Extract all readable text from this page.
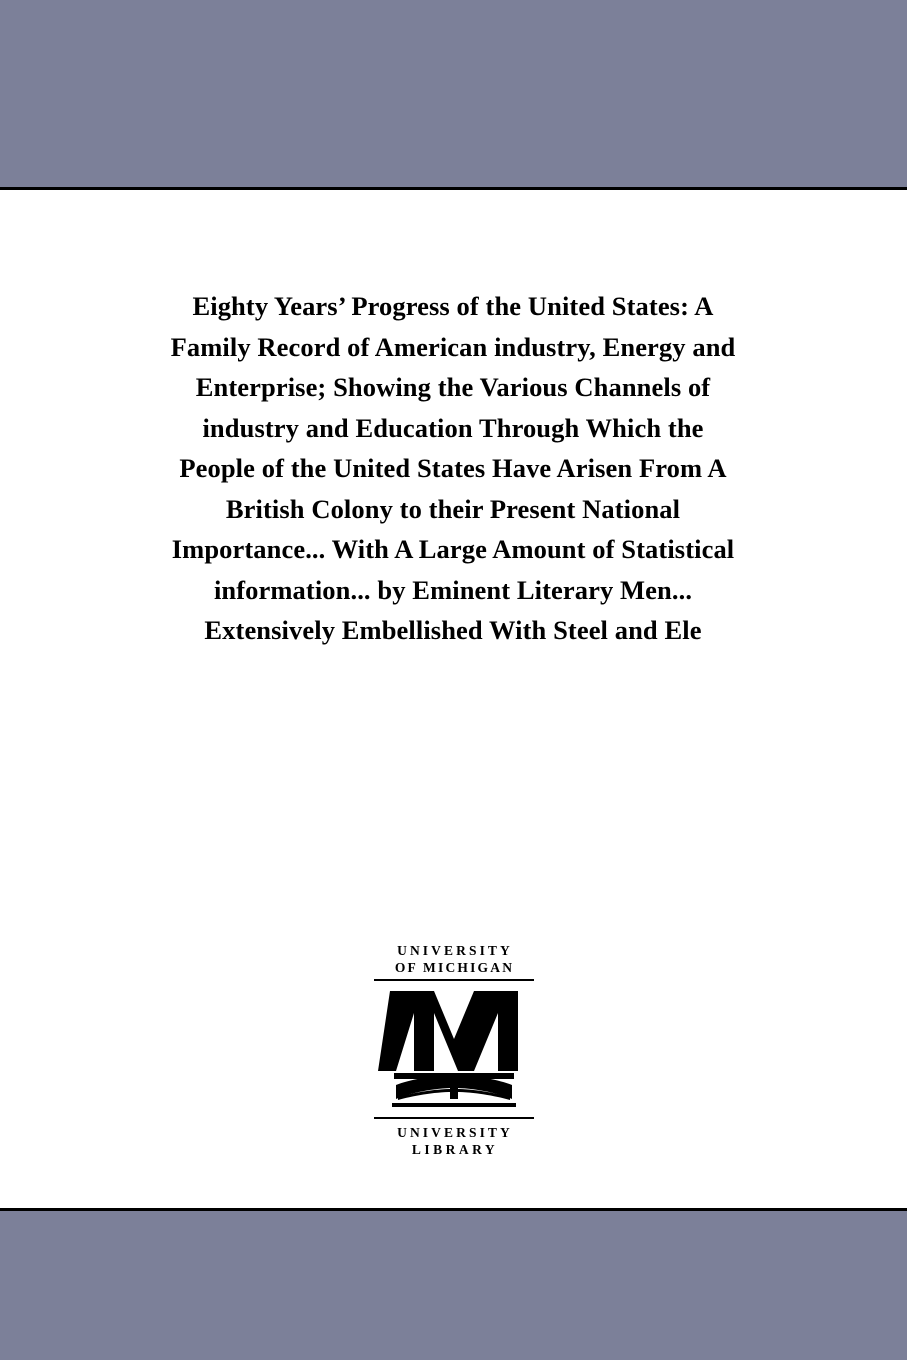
Eighty Years’ Progress of the United States: A Family Record of American industry, Energy and Enterprise; Showing the Various Channels of industry and Education Through Which the People of the United States Have Arisen From A British Colony to their Present National Importance... With A Large Amount of Statistical information... by Eminent Literary Men... Extensively Embellished With Steel and Ele
UNIVERSITY
OF MICHIGAN
UNIVERSITY
LIBRARY
